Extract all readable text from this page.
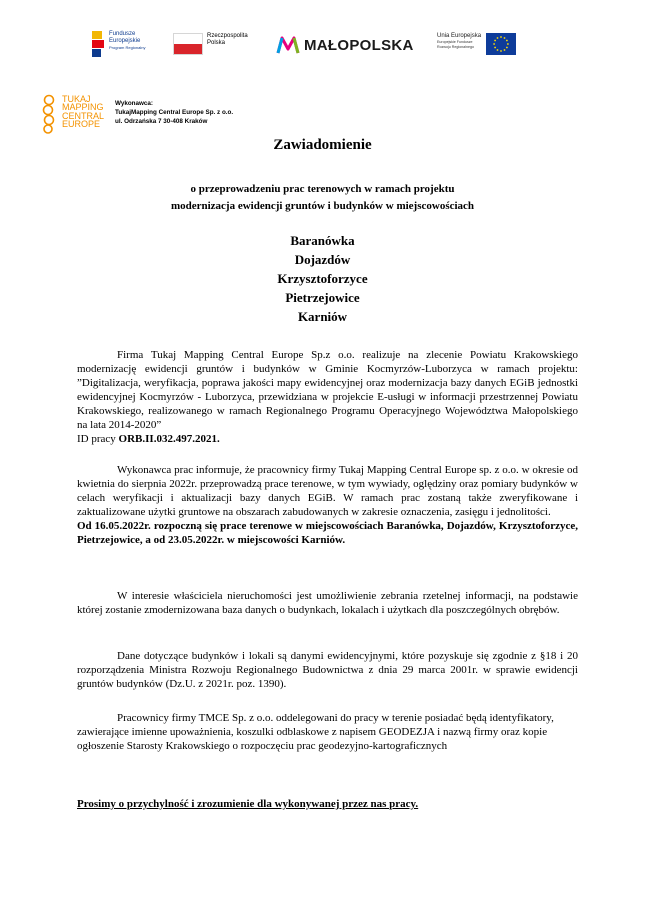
Fundusze
Europejskie
Program Regionalny
Rzeczpospolita
Polska	MAŁOPOLSKA
Unia Europejska
Europejskie Fundusze
Rozwoju Regionalnego
TUKAJ
MAPPING
CENTRAL
EUROPE
Wykonawca:
TukajMapping Central Europe Sp. z o.o.
ul. Odrzańska 7 30-408 Kraków
Zawiadomienie
o przeprowadzeniu prac terenowych w ramach projektu
modernizacja ewidencji gruntów i budynków w miejscowościach
Baranówka
Dojazdów
Krzysztoforzyce
Pietrzejowice
Karniów

Firma Tukaj Mapping Central Europe Sp.z o.o. realizuje na zlecenie Powiatu Krakowskiego modernizację ewidencji gruntów i budynków w Gminie Kocmyrzów-Luborzyca w ramach projektu: ”Digitalizacja, weryfikacja, poprawa jakości mapy ewidencyjnej oraz modernizacja bazy danych EGiB jednostki ewidencyjnej Kocmyrzów - Luborzyca, przewidziana w projekcie E-usługi w informacji przestrzennej Powiatu Krakowskiego, realizowanego w ramach Regionalnego Programu Operacyjnego Województwa Małopolskiego na lata 2014-2020”

ID pracy ORB.II.032.497.2021.

Wykonawca prac informuje, że pracownicy firmy Tukaj Mapping Central Europe sp. z o.o. w okresie od kwietnia do sierpnia 2022r. przeprowadzą prace terenowe, w tym wywiady, oględziny oraz pomiary budynków w celach weryfikacji i aktualizacji bazy danych EGiB. W ramach prac zostaną także zweryfikowane i zaktualizowane użytki gruntowe na obszarach zabudowanych w zakresie oznaczenia, zasięgu i jednolitości.

Od 16.05.2022r. rozpoczną się prace terenowe w miejscowościach Baranówka, Dojazdów, Krzysztoforzyce, Pietrzejowice, a od 23.05.2022r. w miejscowości Karniów.

W interesie właściciela nieruchomości jest umożliwienie zebrania rzetelnej informacji, na podstawie której zostanie zmodernizowana baza danych o budynkach, lokalach i użytkach dla poszczególnych obrębów.

Dane dotyczące budynków i lokali są danymi ewidencyjnymi, które pozyskuje się zgodnie z §18 i 20 rozporządzenia Ministra Rozwoju Regionalnego Budownictwa z dnia 29 marca 2001r. w sprawie ewidencji gruntów budynków (Dz.U. z 2021r. poz. 1390).

Pracownicy firmy TMCE Sp. z o.o. oddelegowani do pracy w terenie posiadać będą identyfikatory, zawierające imienne upoważnienia, koszulki odblaskowe z napisem GEODEZJA i nazwą firmy oraz kopie ogłoszenie Starosty Krakowskiego o rozpoczęciu prac geodezyjno-kartograficznych

Prosimy o przychylność i zrozumienie dla wykonywanej przez nas pracy.
